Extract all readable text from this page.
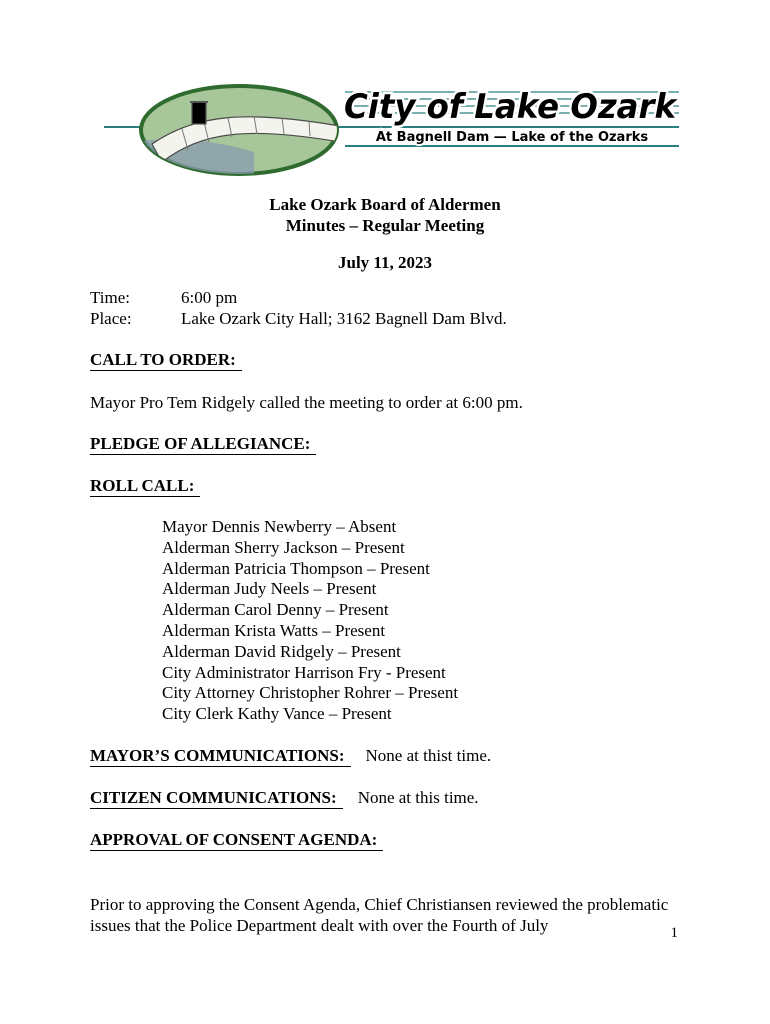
City of Lake Ozark
At Bagnell Dam — Lake of the Ozarks
Lake Ozark Board of Aldermen
Minutes – Regular Meeting
July 11, 2023
Time:	6:00 pm
Place:	Lake Ozark City Hall; 3162 Bagnell Dam Blvd.
CALL TO ORDER:
Mayor Pro Tem Ridgely called the meeting to order at 6:00 pm.
PLEDGE OF ALLEGIANCE:
ROLL CALL:
Mayor Dennis Newberry – Absent
Alderman Sherry Jackson – Present
Alderman Patricia Thompson – Present
Alderman Judy Neels – Present
Alderman Carol Denny – Present
Alderman Krista Watts – Present
Alderman David Ridgely – Present
City Administrator Harrison Fry - Present
City Attorney Christopher Rohrer – Present
City Clerk Kathy Vance – Present
MAYOR’S COMMUNICATIONS: None at thist time.
CITIZEN COMMUNICATIONS: None at this time.
APPROVAL OF CONSENT AGENDA:
Prior to approving the Consent Agenda, Chief Christiansen reviewed the problematic issues that the Police Department dealt with over the Fourth of July	1
